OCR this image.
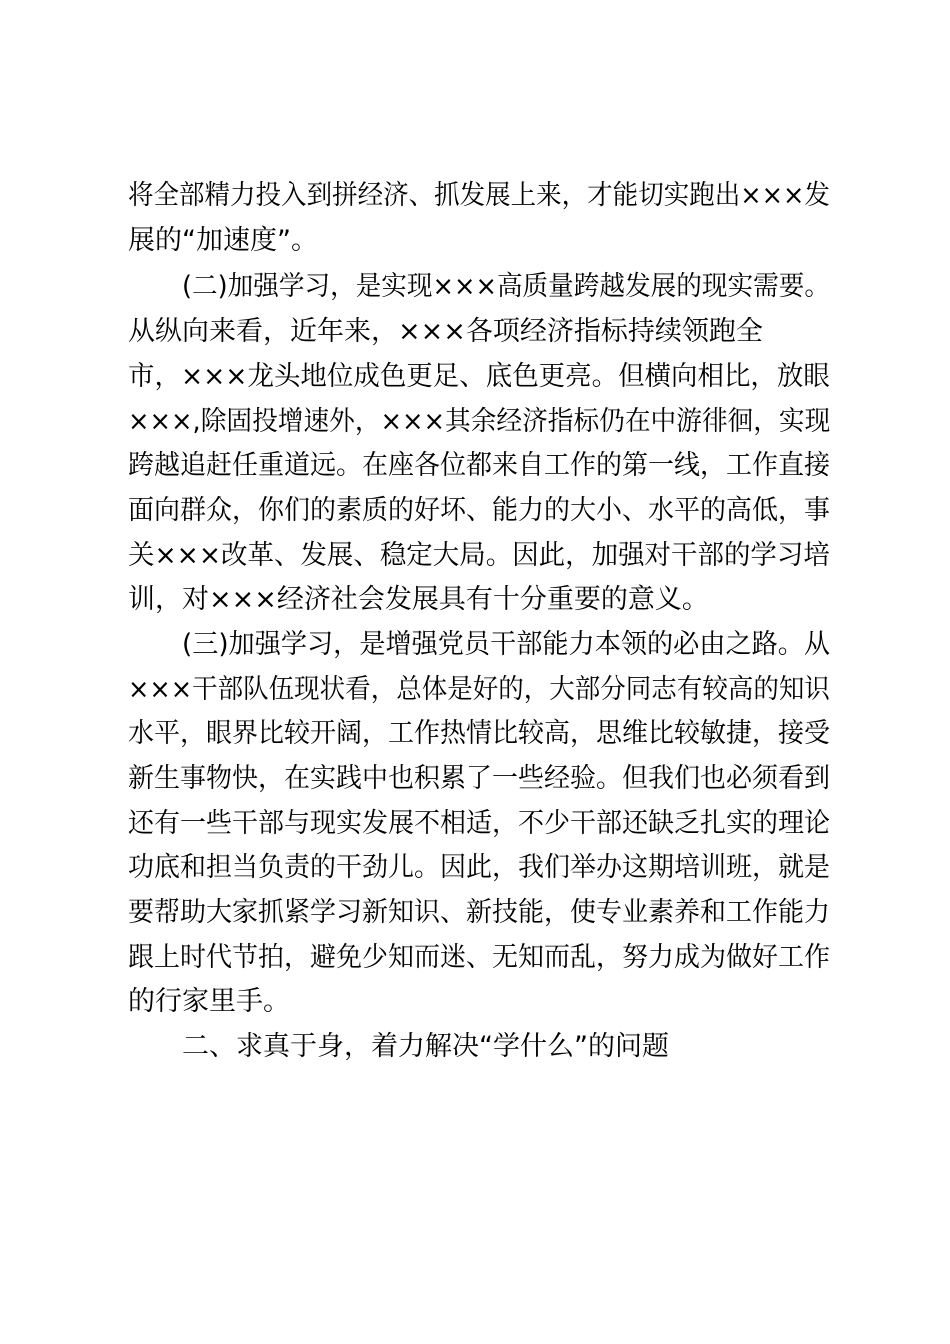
将全部精力投入到拼经济、抓发展上来，才能切实跑出×××发
展的“加速度”。
(二)加强学习，是实现×××高质量跨越发展的现实需要。
从纵向来看，近年来，×××各项经济指标持续领跑全
市，×××龙头地位成色更足、底色更亮。但横向相比，放眼
×××,除固投增速外，×××其余经济指标仍在中游徘徊，实现
跨越追赶任重道远。在座各位都来自工作的第一线，工作直接
面向群众，你们的素质的好坏、能力的大小、水平的高低，事
关×××改革、发展、稳定大局。因此，加强对干部的学习培
训，对×××经济社会发展具有十分重要的意义。
(三)加强学习，是增强党员干部能力本领的必由之路。从
×××干部队伍现状看，总体是好的，大部分同志有较高的知识
水平，眼界比较开阔，工作热情比较高，思维比较敏捷，接受
新生事物快，在实践中也积累了一些经验。但我们也必须看到
还有一些干部与现实发展不相适，不少干部还缺乏扎实的理论
功底和担当负责的干劲儿。因此，我们举办这期培训班，就是
要帮助大家抓紧学习新知识、新技能，使专业素养和工作能力
跟上时代节拍，避免少知而迷、无知而乱，努力成为做好工作
的行家里手。
二、求真于身，着力解决“学什么”的问题
